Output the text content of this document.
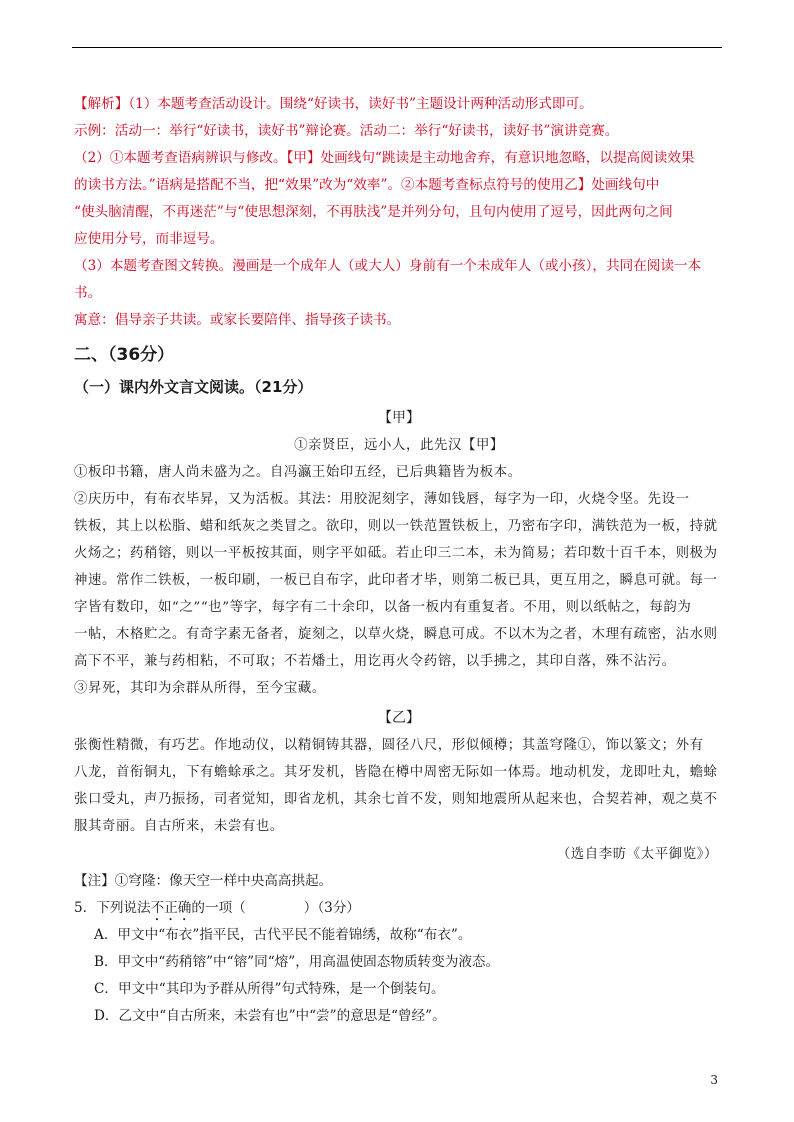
【解析】（1）本题考查活动设计。围绕“好读书，读好书”主题设计两种活动形式即可。
示例：活动一：举行“好读书，读好书”辩论赛。活动二：举行“好读书，读好书”演讲竞赛。
（2）①本题考查语病辨识与修改。【甲】处画线句“跳读是主动地舍弃，有意识地忽略，以提高阅读效果
的读书方法。”语病是搭配不当，把“效果”改为“效率”。②本题考查标点符号的使用乙】处画线句中
“使头脑清醒，不再迷茫”与“使思想深刻，不再肤浅”是并列分句，且句内使用了逗号，因此两句之间
应使用分号，而非逗号。
（3）本题考查图文转换。漫画是一个成年人（或大人）身前有一个未成年人（或小孩），共同在阅读一本
书。
寓意：倡导亲子共读。或家长要陪伴、指导孩子读书。
二、（36分）
（一）课内外文言文阅读。（21分）
【甲】
①亲贤臣，远小人，此先汉【甲】
①板印书籍，唐人尚未盛为之。自冯瀛王始印五经，已后典籍皆为板本。
②庆历中，有布衣毕昇，又为活板。其法：用胶泥刻字，薄如钱唇，每字为一印，火烧令坚。先设一
铁板，其上以松脂、蜡和纸灰之类冒之。欲印，则以一铁范置铁板上，乃密布字印，满铁范为一板，持就
火炀之；药稍镕，则以一平板按其面，则字平如砥。若止印三二本，未为简易；若印数十百千本，则极为
神速。常作二铁板，一板印刷，一板已自布字，此印者才毕，则第二板已具，更互用之，瞬息可就。每一
字皆有数印，如“之”“也”等字，每字有二十余印，以备一板内有重复者。不用，则以纸帖之，每韵为
一帖，木格贮之。有奇字素无备者，旋刻之，以草火烧，瞬息可成。不以木为之者，木理有疏密，沾水则
高下不平，兼与药相粘，不可取；不若燔土，用讫再火令药镕，以手拂之，其印自落，殊不沾污。
③昇死，其印为余群从所得，至今宝藏。
【乙】
张衡性精微，有巧艺。作地动仪，以精铜铸其器，圆径八尺，形似倾樽；其盖穹隆①，饰以篆文；外有
八龙，首衔铜丸，下有蟾蜍承之。其牙发机，皆隐在樽中周密无际如一体焉。地动机发，龙即吐丸，蟾蜍
张口受丸，声乃振扬，司者觉知，即省龙机，其余七首不发，则知地震所从起来也，合契若神，观之莫不
服其奇丽。自古所来，未尝有也。
（选自李昉《太平御览》）
【注】①穹隆：像天空一样中央高高拱起。
5．下列说法不正确的一项（	）（3分）
A．甲文中“布衣”指平民，古代平民不能着锦绣，故称“布衣”。
B．甲文中“药稍镕”中“镕”同“熔”，用高温使固态物质转变为液态。
C．甲文中“其印为予群从所得”句式特殊，是一个倒装句。
D．乙文中“自古所来，未尝有也”中“尝”的意思是“曾经”。
3
